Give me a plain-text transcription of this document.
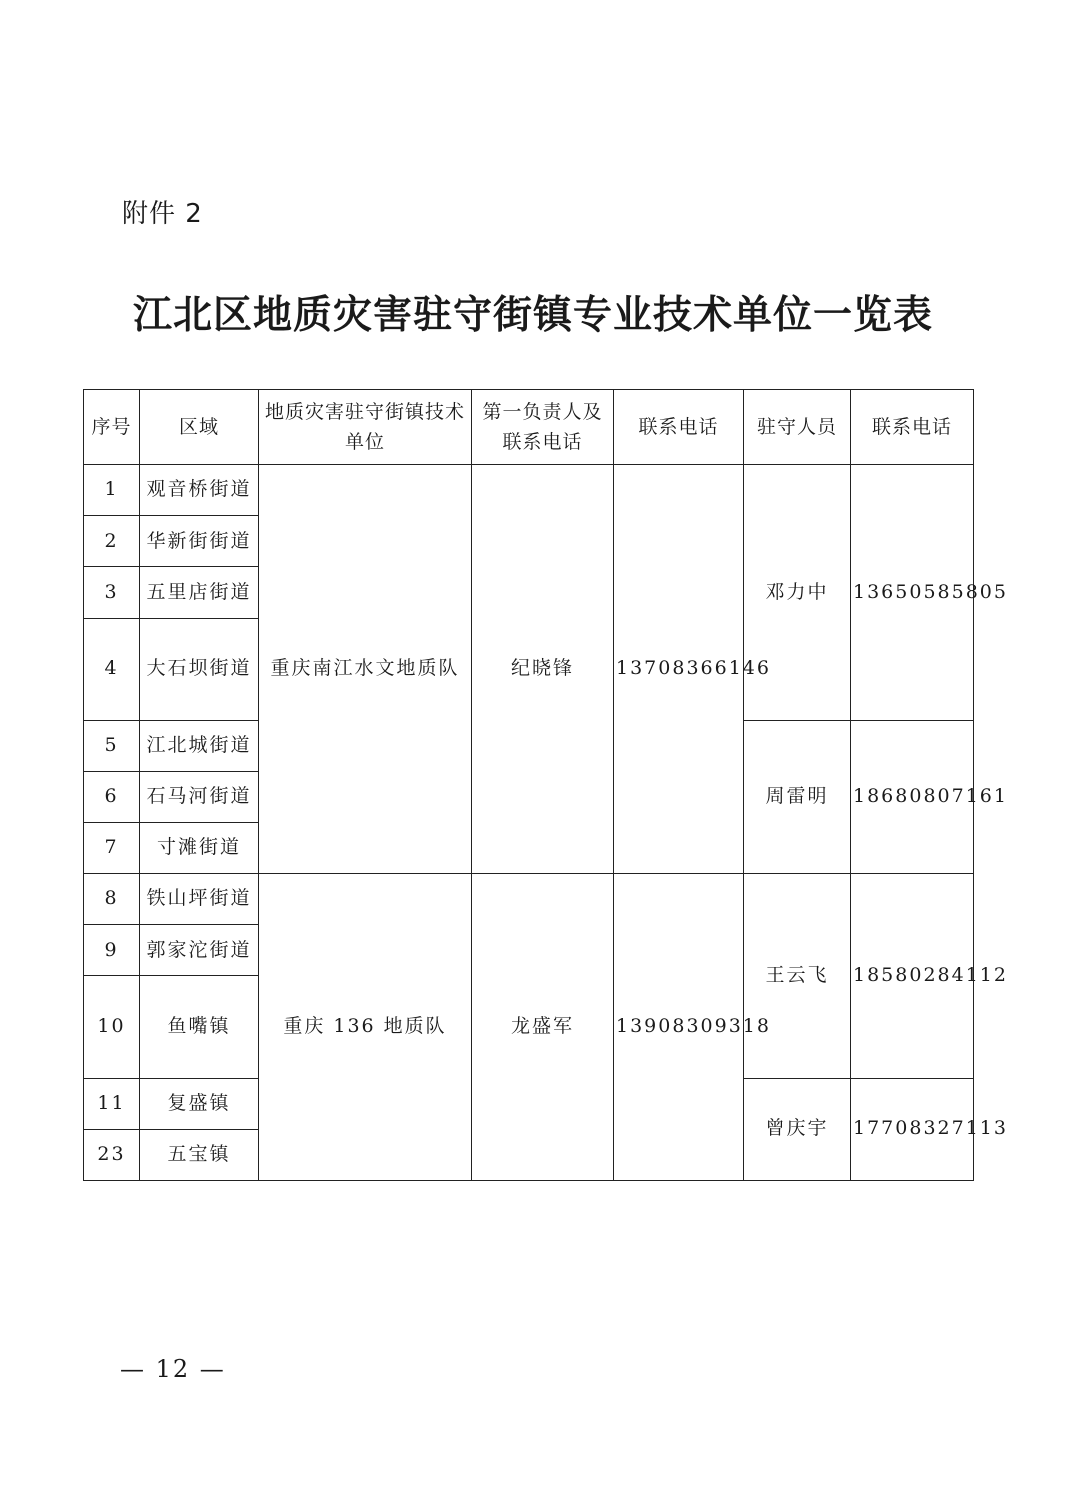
附件 2
江北区地质灾害驻守街镇专业技术单位一览表
序号	区域	地质灾害驻守街镇技术单位	第一负责人及联系电话	联系电话	驻守人员	联系电话
1	观音桥街道	重庆南江水文地质队	纪晓锋	13708366146	邓力中	13650585805
2	华新街街道					
3	五里店街道					
4	大石坝街道					
5	江北城街道				周雷明	18680807161
6	石马河街道					
7	寸滩街道					
8	铁山坪街道	重庆 136 地质队	龙盛军	13908309318	王云飞	18580284112
9	郭家沱街道					
10	鱼嘴镇					
11	复盛镇				曾庆宇	17708327113
23	五宝镇					
— 12 —
